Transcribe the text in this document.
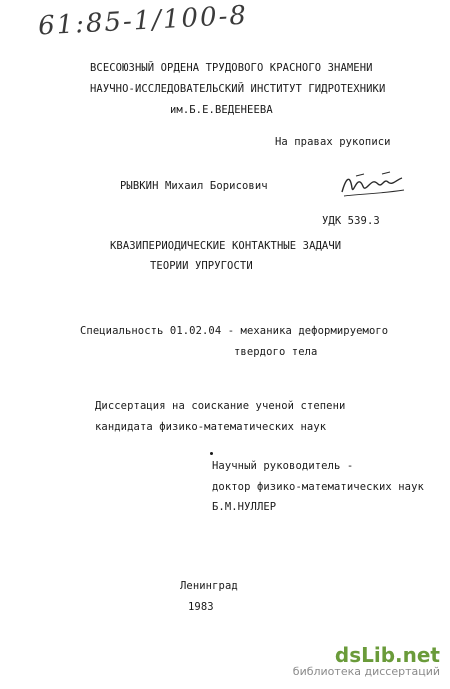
61:85-1/100-8
ВСЕСОЮЗНЫЙ ОРДЕНА ТРУДОВОГО КРАСНОГО ЗНАМЕНИ
НАУЧНО-ИССЛЕДОВАТЕЛЬСКИЙ ИНСТИТУТ ГИДРОТЕХНИКИ
им.Б.Е.ВЕДЕНЕЕВА
На правах рукописи
РЫВКИН Михаил Борисович
УДК 539.3
КВАЗИПЕРИОДИЧЕСКИЕ КОНТАКТНЫЕ ЗАДАЧИ
ТЕОРИИ УПРУГОСТИ
Специальность 01.02.04 - механика деформируемого
твердого тела
Диссертация на соискание ученой степени
кандидата физико-математических наук
Научный руководитель -
доктор физико-математических наук
Б.М.НУЛЛЕР
Ленинград
1983
dsLib.net
библиотека диссертаций
